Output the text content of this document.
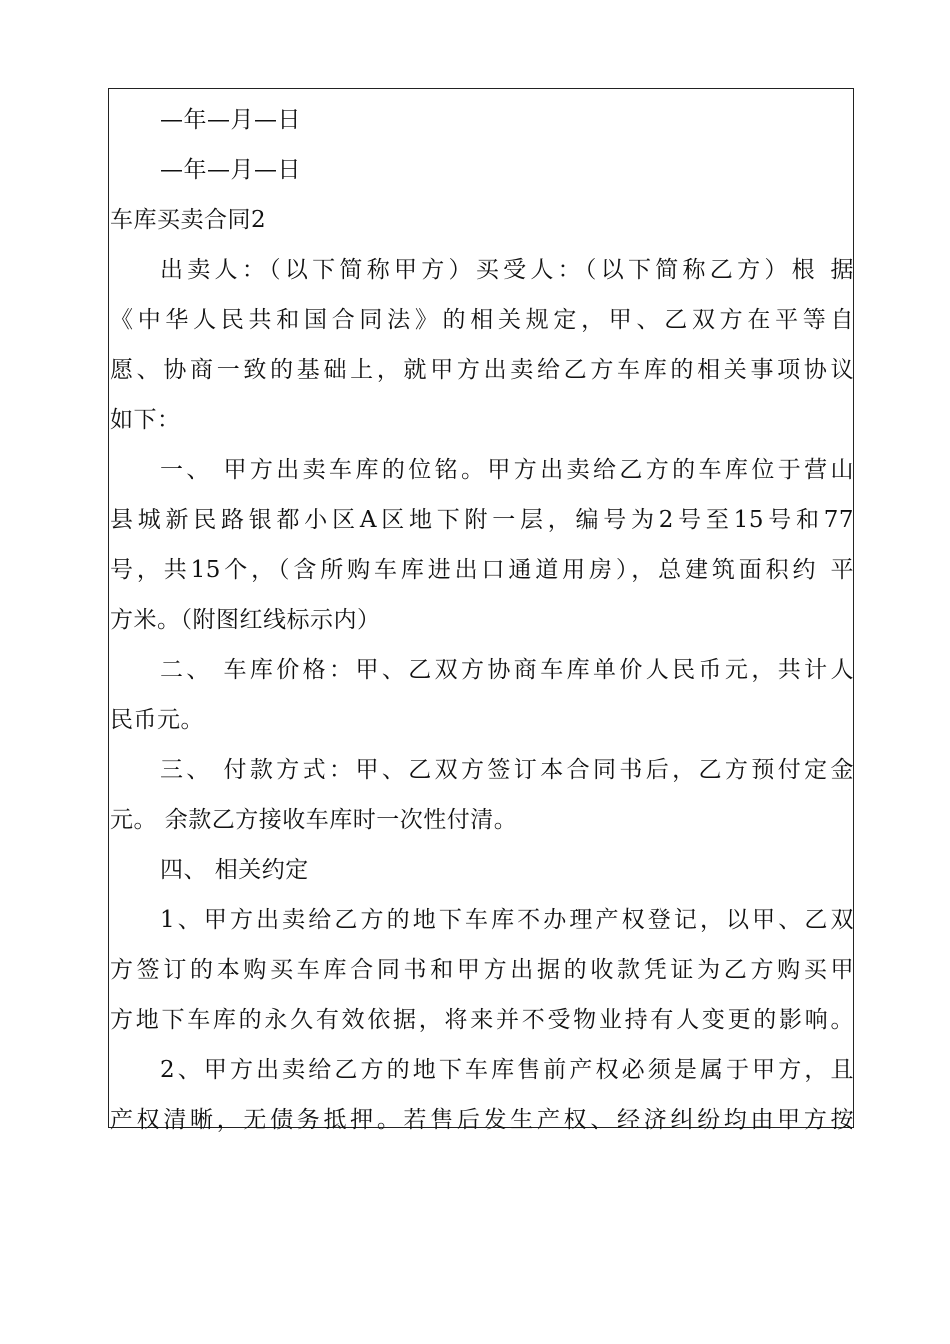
—年—月—日
—年—月—日
车库买卖合同2
出卖人：（以下简称甲方）买受人：（以下简称乙方）根 据
《中华人民共和国合同法》的相关规定，甲、乙双方在平等自
愿、协商一致的基础上，就甲方出卖给乙方车库的相关事项协议
如下：
一、 甲方出卖车库的位铭。甲方出卖给乙方的车库位于营山
县城新民路银都小区A区地下附一层，编号为2号至15号和77
号，共15个，（含所购车库进出口通道用房），总建筑面积约 平
方米。（附图红线标示内）
二、 车库价格：甲、乙双方协商车库单价人民币元，共计人
民币元。
三、 付款方式：甲、乙双方签订本合同书后，乙方预付定金
元。 余款乙方接收车库时一次性付清。
四、 相关约定
1、甲方出卖给乙方的地下车库不办理产权登记，以甲、乙双
方签订的本购买车库合同书和甲方出据的收款凭证为乙方购买甲
方地下车库的永久有效依据，将来并不受物业持有人变更的影响。
2、甲方出卖给乙方的地下车库售前产权必须是属于甲方，且
产权清晰，无债务抵押。若售后发生产权、经济纠纷均由甲方按
